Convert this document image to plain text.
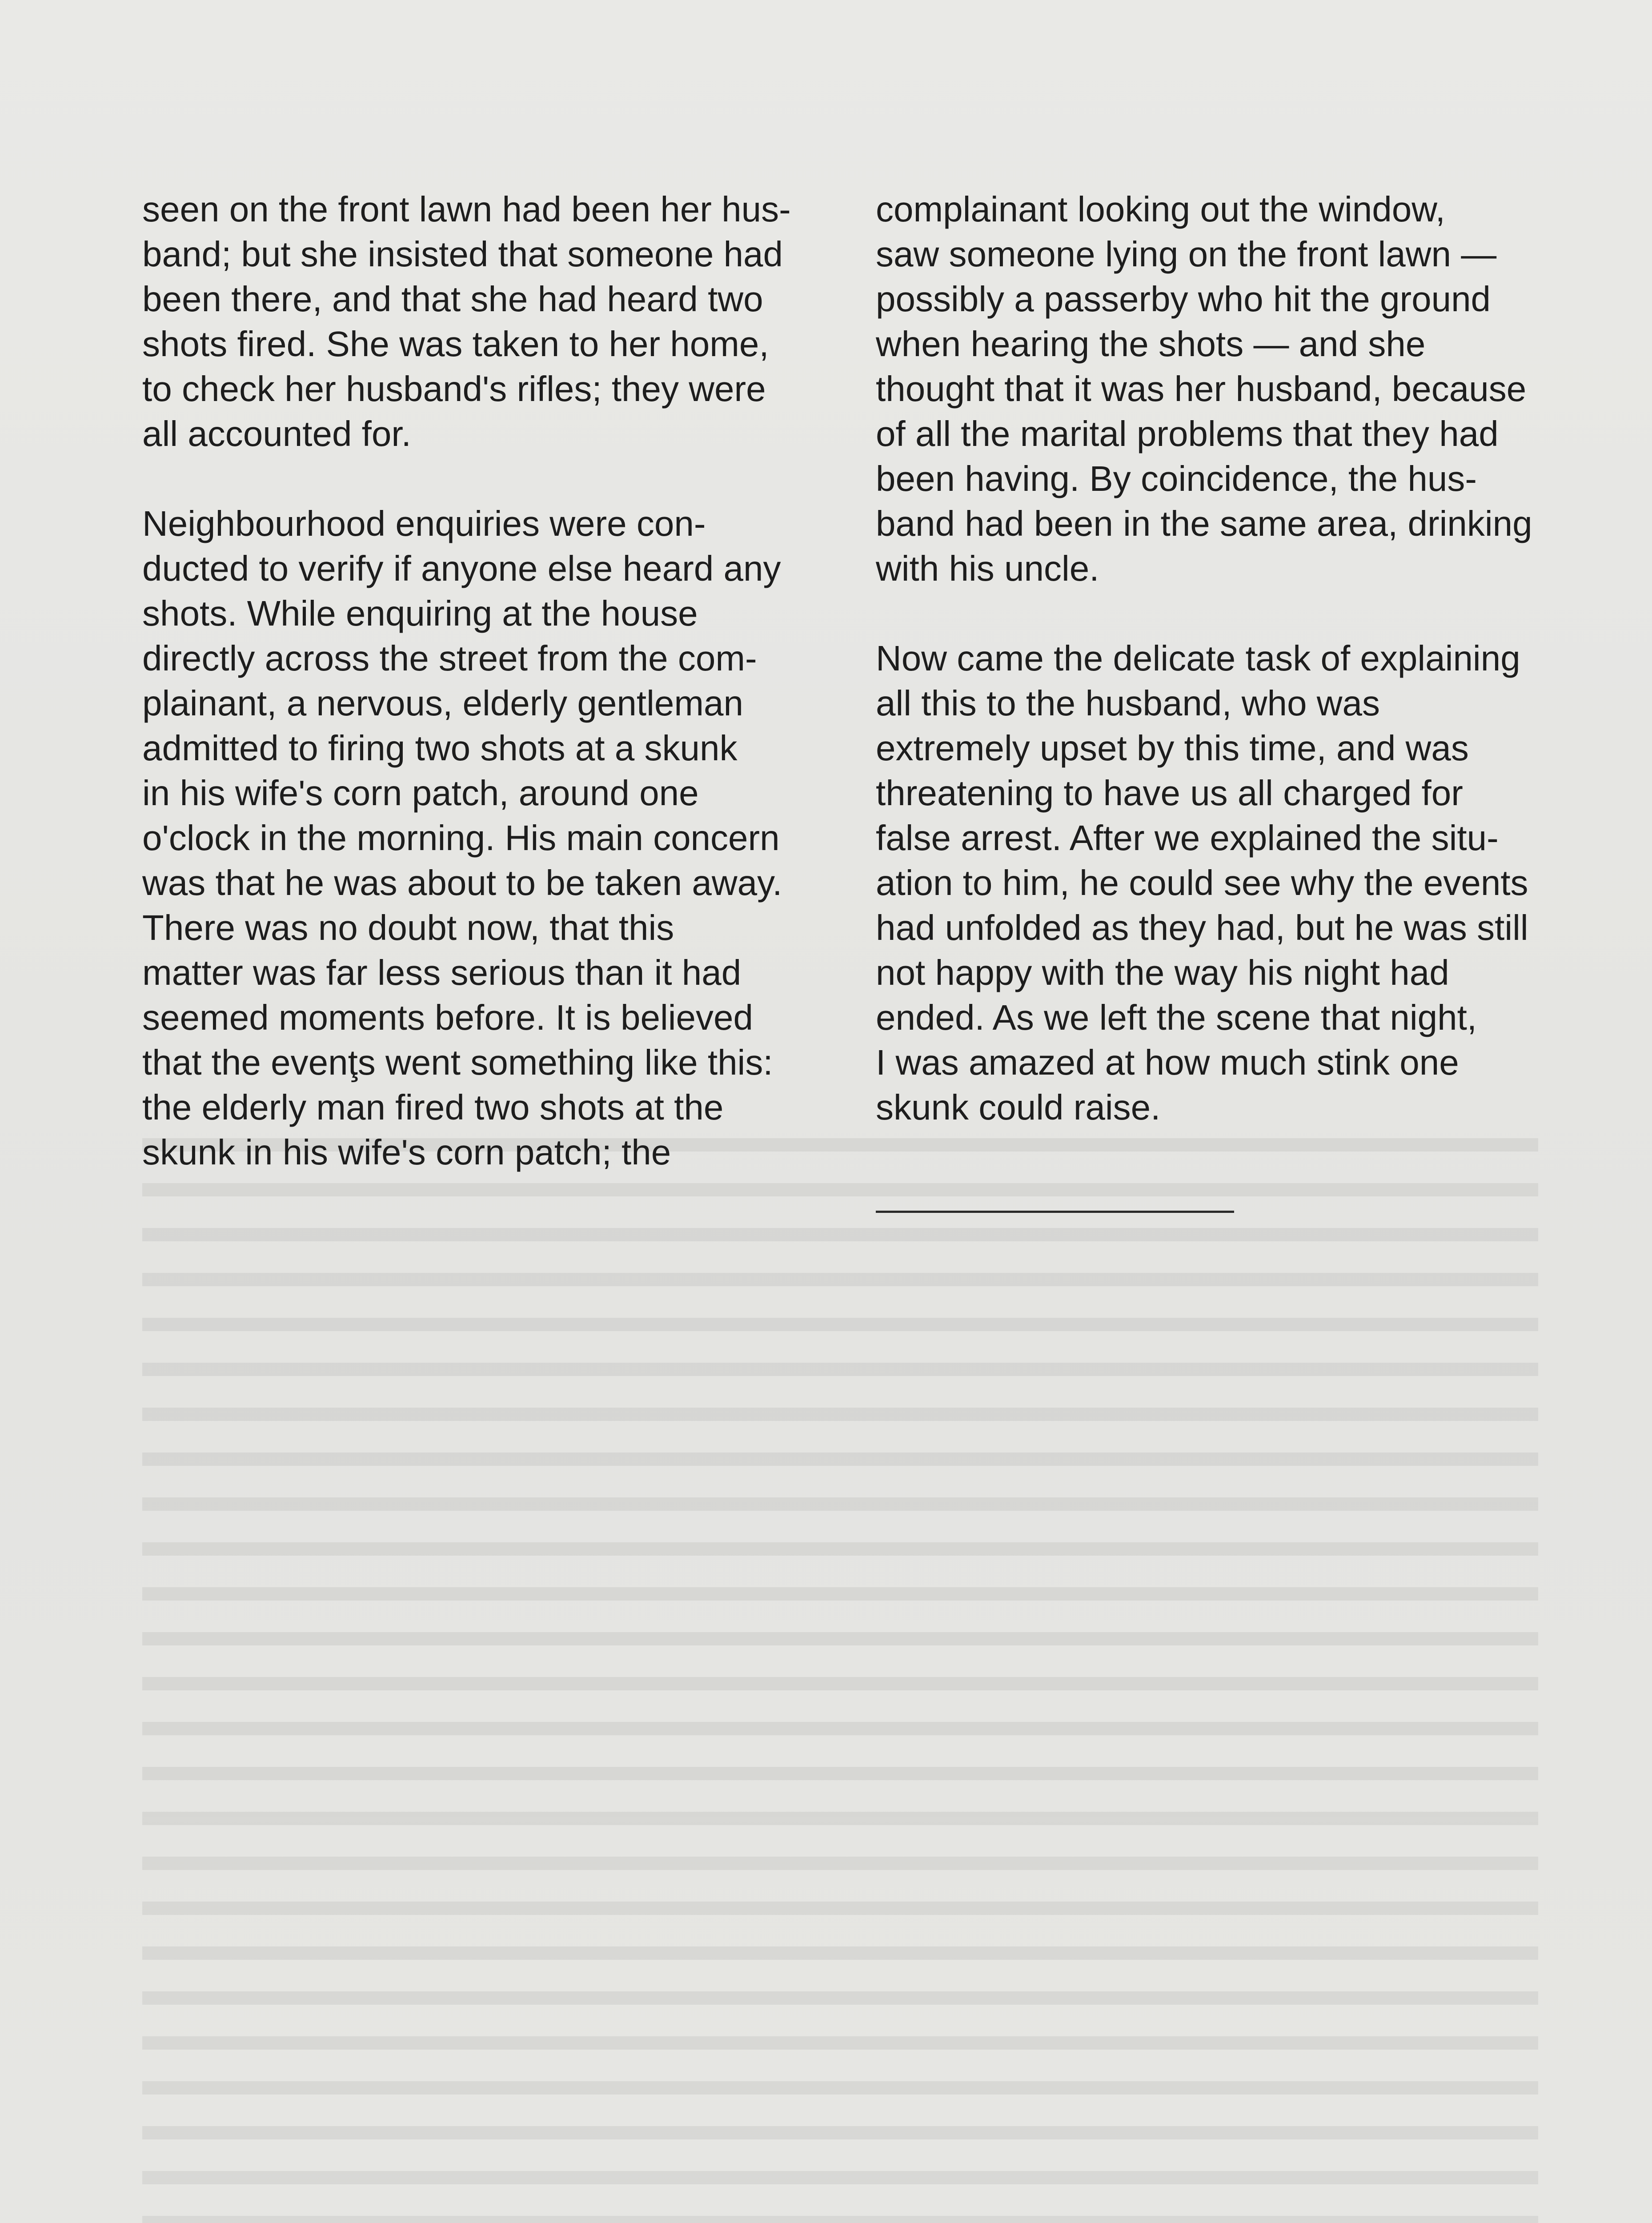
seen on the front lawn had been her hus-
band; but she insisted that someone had
been there, and that she had heard two
shots fired. She was taken to her home,
to check her husband's rifles; they were
all accounted for.

Neighbourhood enquiries were con-
ducted to verify if anyone else heard any
shots. While enquiring at the house
directly across the street from the com-
plainant, a nervous, elderly gentleman
admitted to firing two shots at a skunk
in his wife's corn patch, around one
o'clock in the morning. His main concern
was that he was about to be taken away.
There was no doubt now, that this
matter was far less serious than it had
seemed moments before. It is believed
that the evenţs went something like this:
the elderly man fired two shots at the
skunk in his wife's corn patch; the

complainant looking out the window,
saw someone lying on the front lawn —
possibly a passerby who hit the ground
when hearing the shots — and she
thought that it was her husband, because
of all the marital problems that they had
been having. By coincidence, the hus-
band had been in the same area, drinking
with his uncle.

Now came the delicate task of explaining
all this to the husband, who was
extremely upset by this time, and was
threatening to have us all charged for
false arrest. After we explained the situ-
ation to him, he could see why the events
had unfolded as they had, but he was still
not happy with the way his night had
ended. As we left the scene that night,
I was amazed at how much stink one
skunk could raise.
